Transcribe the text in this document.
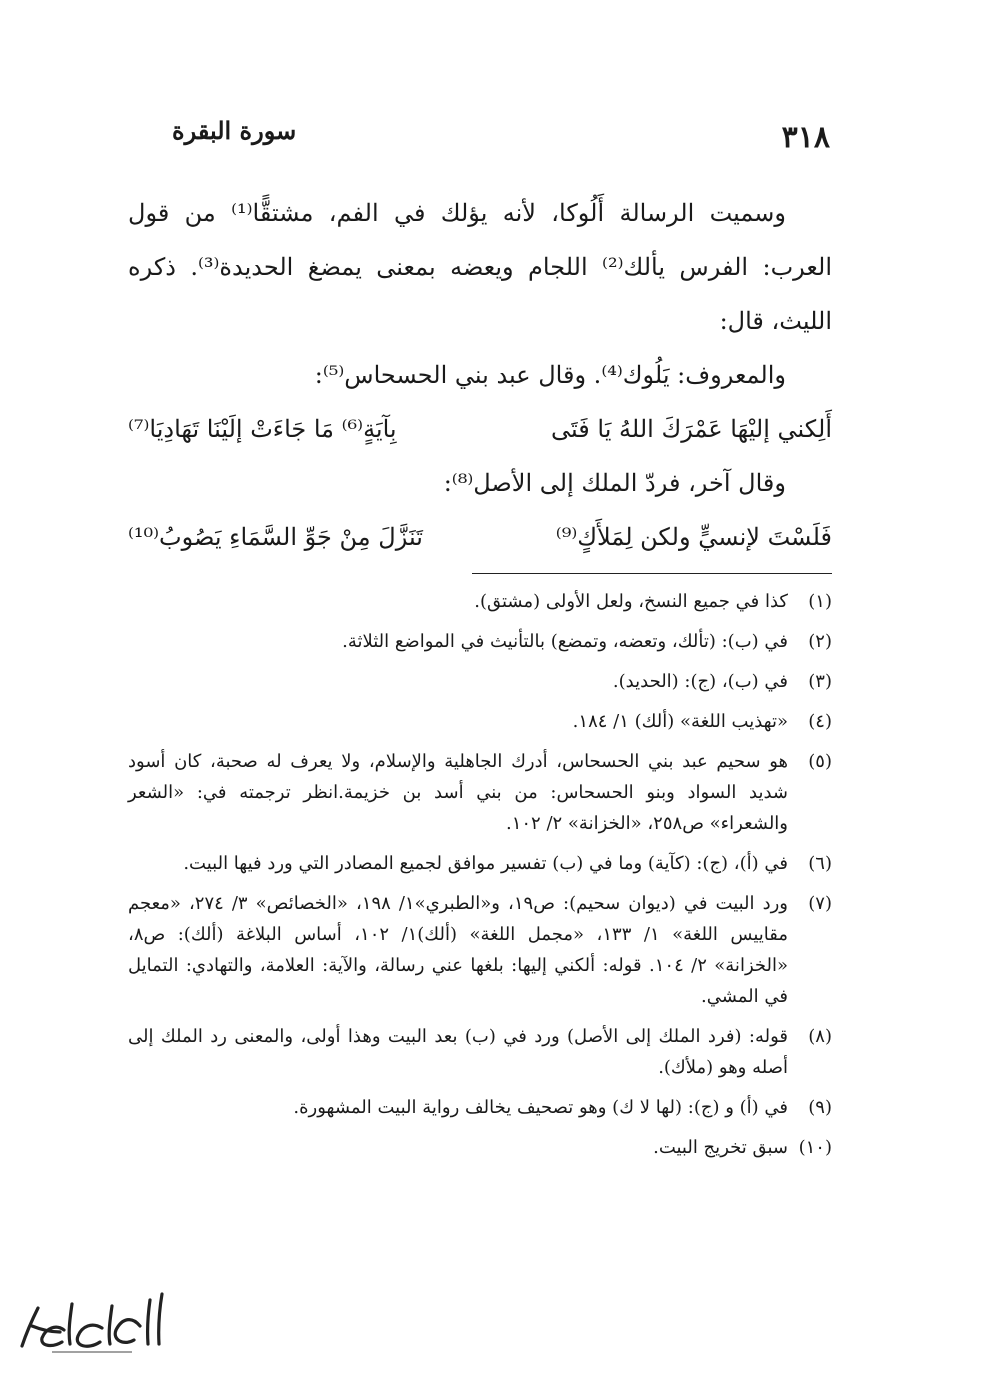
٣١٨
سورة البقرة

وسميت الرسالة أَلُوكا، لأنه يؤلك في الفم، مشتقًّا⁽¹⁾ من قول العرب: الفرس يألك⁽²⁾ اللجام ويعضه بمعنى يمضغ الحديدة⁽³⁾. ذكره الليث، قال:

والمعروف: يَلُوك⁽⁴⁾. وقال عبد بني الحسحاس⁽⁵⁾:

أَلِكني إليْهَا عَمْرَكَ اللهُ يَا فَتَى
بِآيَةٍ⁽⁶⁾ مَا جَاءَتْ إلَيْنَا تَهَادِيَا⁽⁷⁾

وقال آخر، فردّ الملك إلى الأصل⁽⁸⁾:

فَلَسْتَ لإنسيٍّ ولكن لِمَلأَكٍ⁽⁹⁾
تَنَزَّلَ مِنْ جَوِّ السَّمَاءِ يَصُوبُ⁽¹⁰⁾
(١)
كذا في جميع النسخ، ولعل الأولى (مشتق).
(٢)
في (ب): (تألك، وتعضه، وتمضع) بالتأنيث في المواضع الثلاثة.
(٣)
في (ب)، (ج): (الحديد).
(٤)
«تهذيب اللغة» (ألك) ١/ ١٨٤.
(٥)
هو سحيم عبد بني الحسحاس، أدرك الجاهلية والإسلام، ولا يعرف له صحبة، كان أسود شديد السواد وبنو الحسحاس: من بني أسد بن خزيمة.انظر ترجمته في: «الشعر والشعراء» ص٢٥٨، «الخزانة» ٢/ ١٠٢.
(٦)
في (أ)، (ج): (كآية) وما في (ب) تفسير موافق لجميع المصادر التي ورد فيها البيت.
(٧)
ورد البيت في (ديوان سحيم): ص١٩، و«الطبري»١/ ١٩٨، «الخصائص» ٣/ ٢٧٤، «معجم مقاييس اللغة» ١/ ١٣٣، «مجمل اللغة» (ألك)١/ ١٠٢، أساس البلاغة (ألك): ص٨، «الخزانة» ٢/ ١٠٤. قوله: ألكني إليها: بلغها عني رسالة، والآية: العلامة، والتهادي: التمايل في المشي.
(٨)
قوله: (فرد الملك إلى الأصل) ورد في (ب) بعد البيت وهذا أولى، والمعنى رد الملك إلى أصله وهو (ملأك).
(٩)
في (أ) و (ج): (لها لا ك) وهو تصحيف يخالف رواية البيت المشهورة.
(١٠)
سبق تخريج البيت.
